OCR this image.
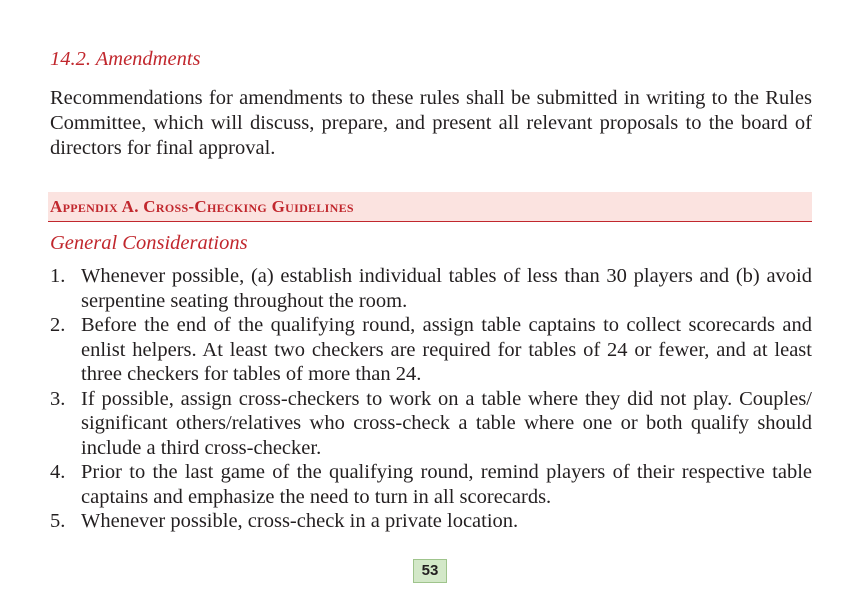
14.2. Amendments

Recommendations for amendments to these rules shall be submitted in writing to the Rules Committee, which will discuss, prepare, and present all relevant proposals to the board of directors for final approval.

Appendix A. Cross-Checking Guidelines
General Considerations
1. Whenever possible, (a) establish individual tables of less than 30 players and (b) avoid serpentine seating throughout the room.
2. Before the end of the qualifying round, assign table captains to collect scorecards and enlist helpers. At least two checkers are required for tables of 24 or fewer, and at least three checkers for tables of more than 24.
3. If possible, assign cross-checkers to work on a table where they did not play. Couples/ significant others/relatives who cross-check a table where one or both qualify should include a third cross-checker.
4. Prior to the last game of the qualifying round, remind players of their respective table captains and emphasize the need to turn in all scorecards.
5. Whenever possible, cross-check in a private location.
53
